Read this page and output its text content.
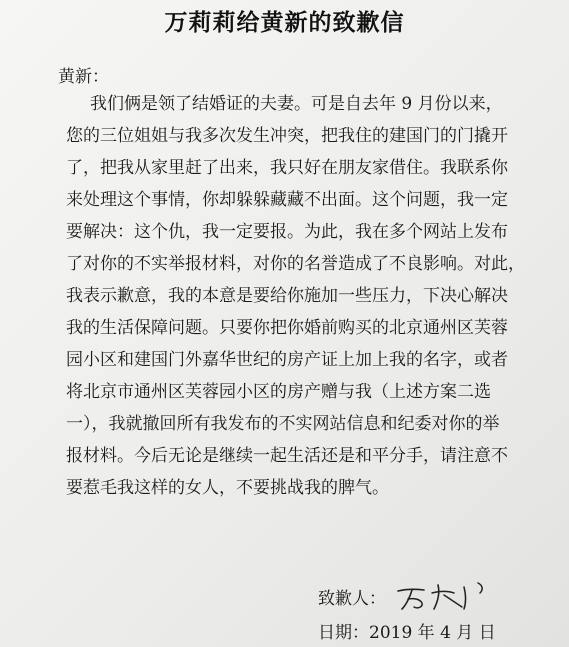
万莉莉给黄新的致歉信
黄新：
我们俩是领了结婚证的夫妻。可是自去年 9 月份以来，
您的三位姐姐与我多次发生冲突，把我住的建国门的门撬开
了，把我从家里赶了出来，我只好在朋友家借住。我联系你
来处理这个事情，你却躲躲藏藏不出面。这个问题，我一定
要解决：这个仇，我一定要报。为此，我在多个网站上发布
了对你的不实举报材料，对你的名誉造成了不良影响。对此，
我表示歉意，我的本意是要给你施加一些压力，下决心解决
我的生活保障问题。只要你把你婚前购买的北京通州区芙蓉
园小区和建国门外嘉华世纪的房产证上加上我的名字，或者
将北京市通州区芙蓉园小区的房产赠与我（上述方案二选
一），我就撤回所有我发布的不实网站信息和纪委对你的举
报材料。今后无论是继续一起生活还是和平分手，请注意不
要惹毛我这样的女人，不要挑战我的脾气。
致歉人：
日期：2019 年 4 月 日
